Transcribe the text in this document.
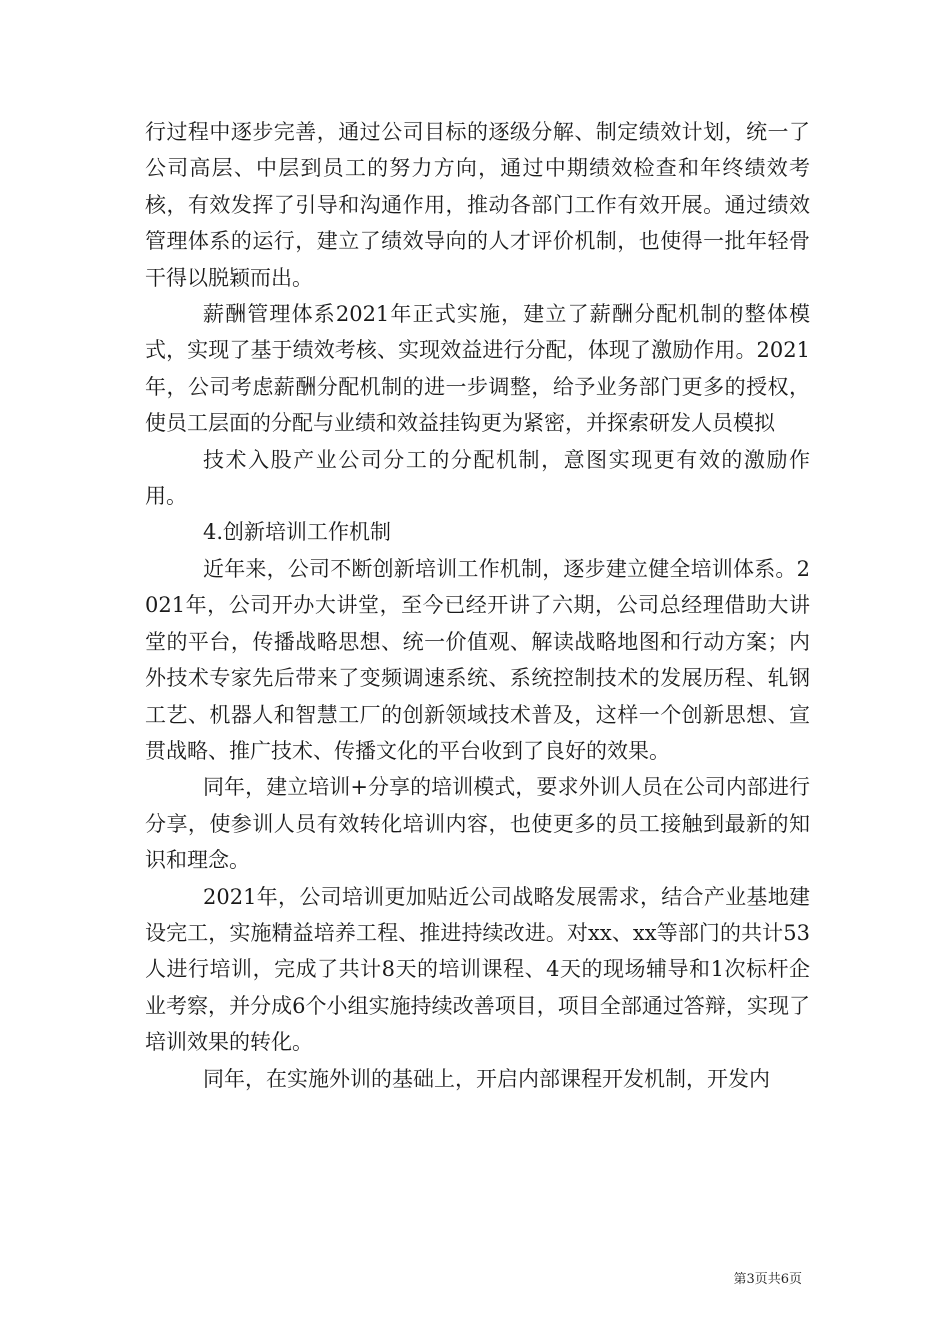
行过程中逐步完善，通过公司目标的逐级分解、制定绩效计划，统一了公司高层、中层到员工的努力方向，通过中期绩效检查和年终绩效考核，有效发挥了引导和沟通作用，推动各部门工作有效开展。通过绩效管理体系的运行，建立了绩效导向的人才评价机制，也使得一批年轻骨干得以脱颖而出。

薪酬管理体系2021年正式实施，建立了薪酬分配机制的整体模式，实现了基于绩效考核、实现效益进行分配，体现了激励作用。2021年，公司考虑薪酬分配机制的进一步调整，给予业务部门更多的授权，使员工层面的分配与业绩和效益挂钩更为紧密，并探索研发人员模拟

技术入股产业公司分工的分配机制，意图实现更有效的激励作用。

4.创新培训工作机制

近年来，公司不断创新培训工作机制，逐步建立健全培训体系。2021年，公司开办大讲堂，至今已经开讲了六期，公司总经理借助大讲堂的平台，传播战略思想、统一价值观、解读战略地图和行动方案；内外技术专家先后带来了变频调速系统、系统控制技术的发展历程、轧钢工艺、机器人和智慧工厂的创新领域技术普及，这样一个创新思想、宣贯战略、推广技术、传播文化的平台收到了良好的效果。

同年，建立培训+分享的培训模式，要求外训人员在公司内部进行分享，使参训人员有效转化培训内容，也使更多的员工接触到最新的知识和理念。

2021年，公司培训更加贴近公司战略发展需求，结合产业基地建设完工，实施精益培养工程、推进持续改进。对xx、xx等部门的共计53人进行培训，完成了共计8天的培训课程、4天的现场辅导和1次标杆企业考察，并分成6个小组实施持续改善项目，项目全部通过答辩，实现了培训效果的转化。

同年，在实施外训的基础上，开启内部课程开发机制，开发内

第3页共6页
